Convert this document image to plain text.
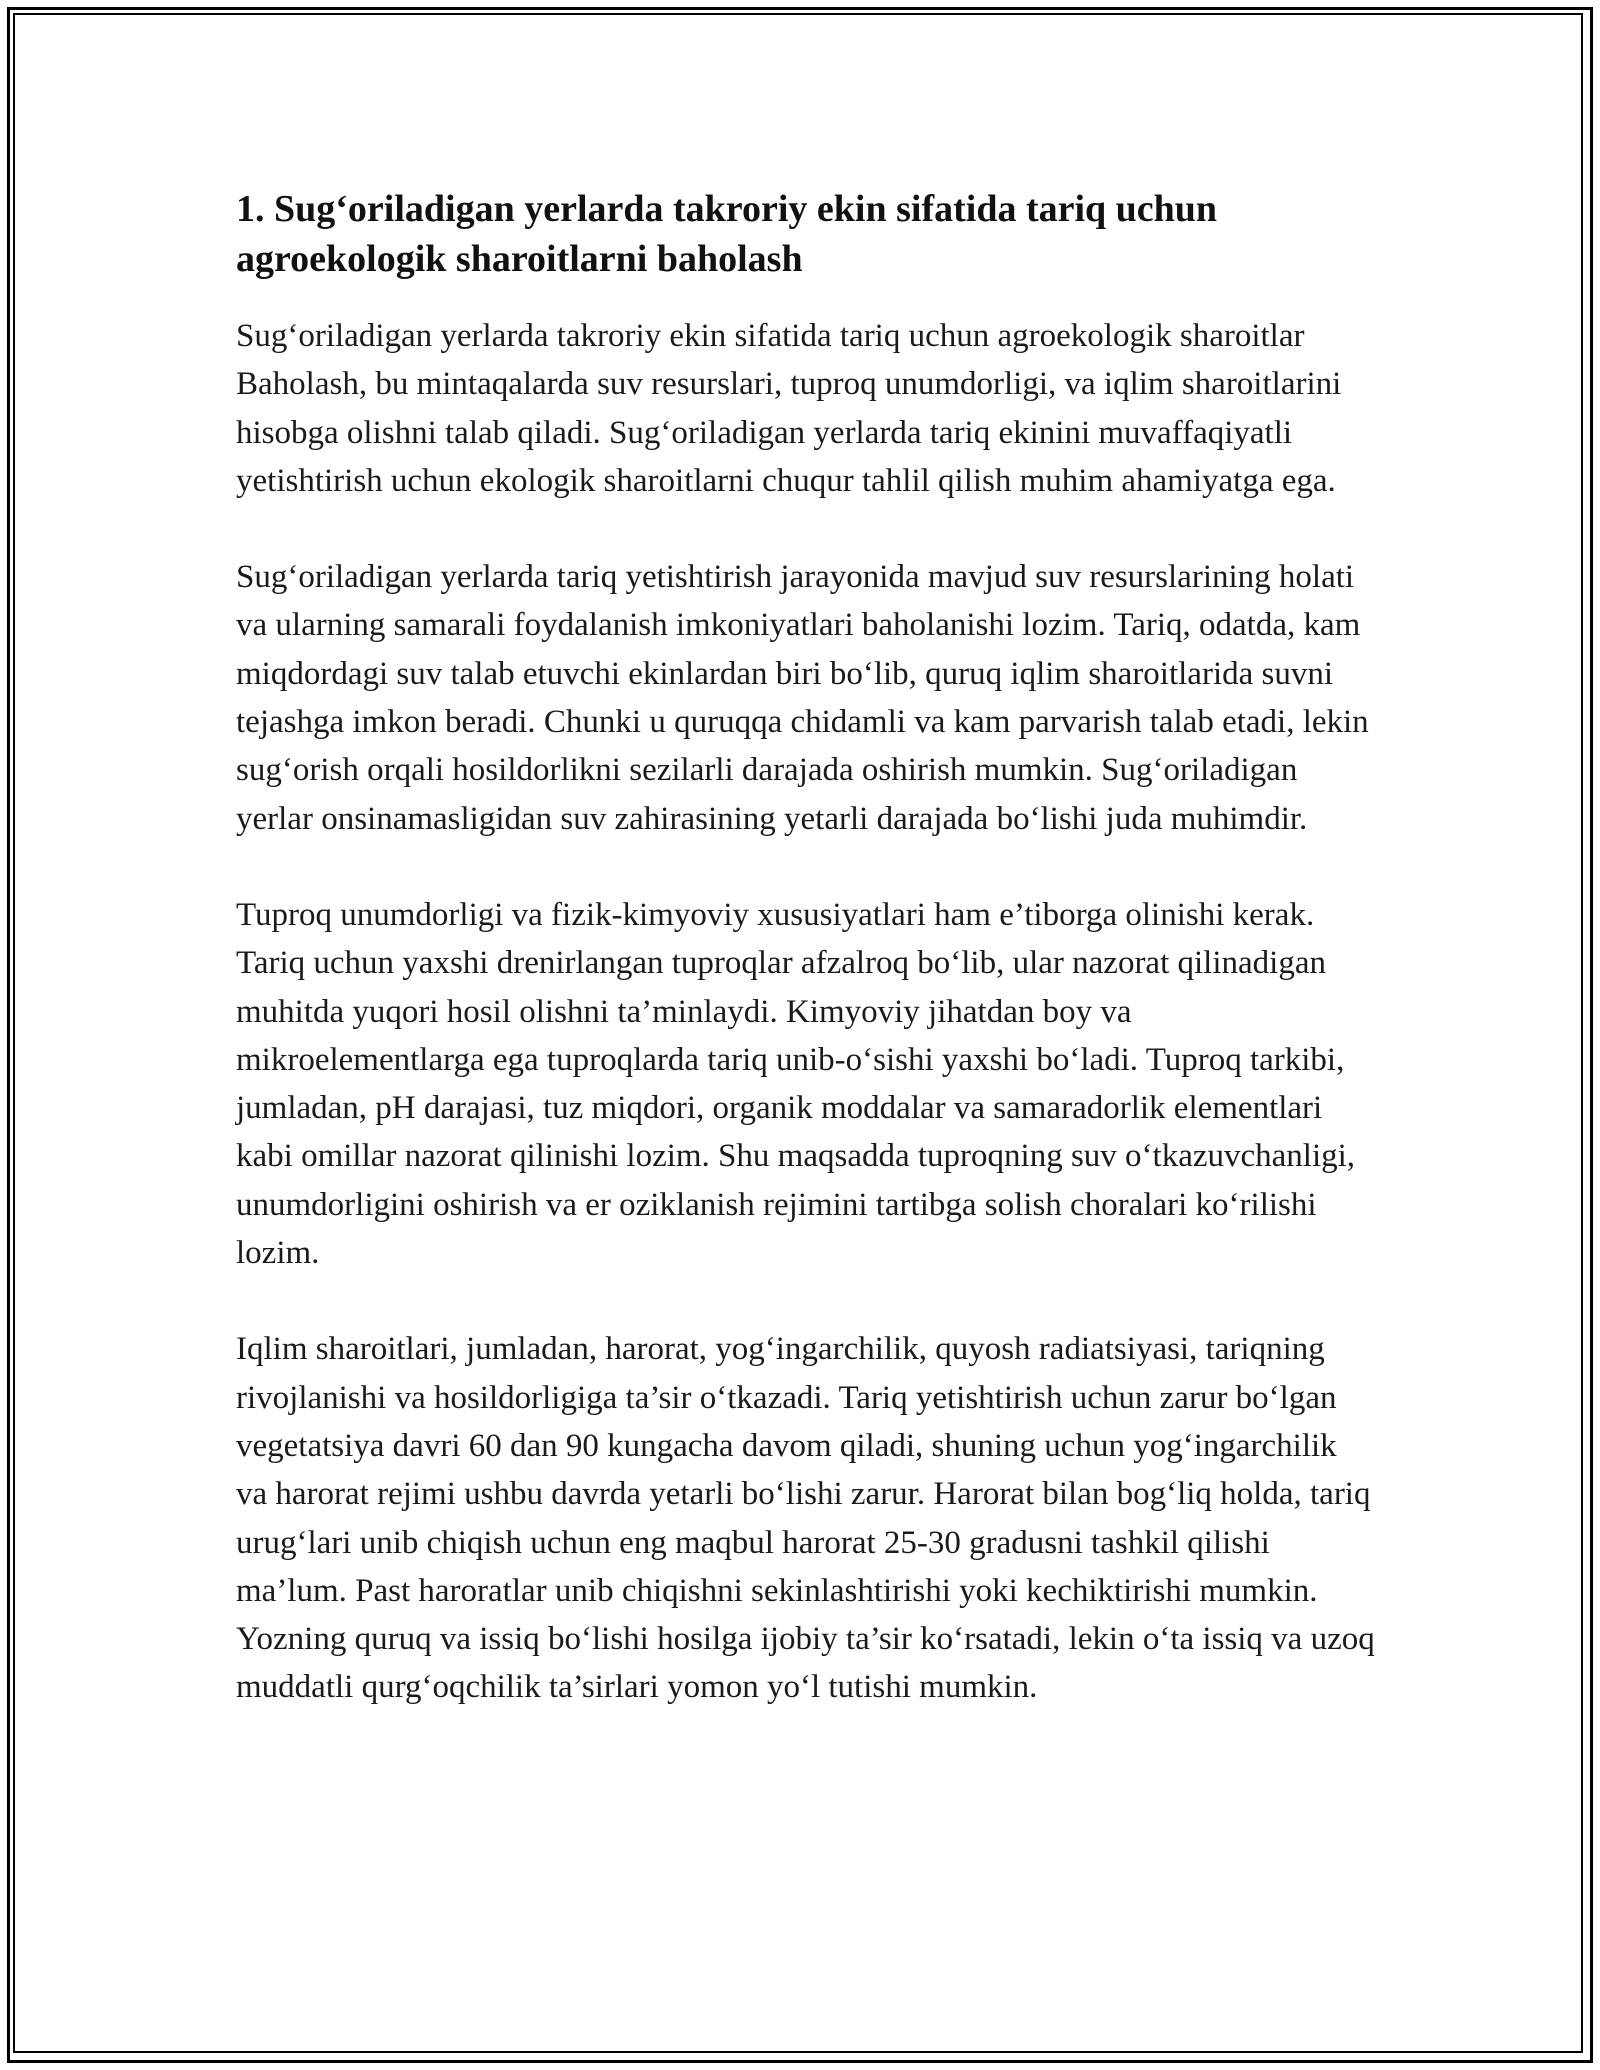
1. Sug‘oriladigan yerlarda takroriy ekin sifatida tariq uchun agroekologik sharoitlarni baholash

Sug‘oriladigan yerlarda takroriy ekin sifatida tariq uchun agroekologik sharoitlar Baholash, bu mintaqalarda suv resurslari, tuproq unumdorligi, va iqlim sharoitlarini hisobga olishni talab qiladi. Sug‘oriladigan yerlarda tariq ekinini muvaffaqiyatli yetishtirish uchun ekologik sharoitlarni chuqur tahlil qilish muhim ahamiyatga ega.

Sug‘oriladigan yerlarda tariq yetishtirish jarayonida mavjud suv resurslarining holati va ularning samarali foydalanish imkoniyatlari baholanishi lozim. Tariq, odatda, kam miqdordagi suv talab etuvchi ekinlardan biri bo‘lib, quruq iqlim sharoitlarida suvni tejashga imkon beradi. Chunki u quruqqa chidamli va kam parvarish talab etadi, lekin sug‘orish orqali hosildorlikni sezilarli darajada oshirish mumkin. Sug‘oriladigan yerlar onsinamasligidan suv zahirasining yetarli darajada bo‘lishi juda muhimdir.

Tuproq unumdorligi va fizik-kimyoviy xususiyatlari ham e’tiborga olinishi kerak. Tariq uchun yaxshi drenirlangan tuproqlar afzalroq bo‘lib, ular nazorat qilinadigan muhitda yuqori hosil olishni ta’minlaydi. Kimyoviy jihatdan boy va mikroelementlarga ega tuproqlarda tariq unib-o‘sishi yaxshi bo‘ladi. Tuproq tarkibi, jumladan, pH darajasi, tuz miqdori, organik moddalar va samaradorlik elementlari kabi omillar nazorat qilinishi lozim. Shu maqsadda tuproqning suv o‘tkazuvchanligi, unumdorligini oshirish va er oziklanish rejimini tartibga solish choralari ko‘rilishi lozim.

Iqlim sharoitlari, jumladan, harorat, yog‘ingarchilik, quyosh radiatsiyasi, tariqning rivojlanishi va hosildorligiga ta’sir o‘tkazadi. Tariq yetishtirish uchun zarur bo‘lgan vegetatsiya davri 60 dan 90 kungacha davom qiladi, shuning uchun yog‘ingarchilik va harorat rejimi ushbu davrda yetarli bo‘lishi zarur. Harorat bilan bog‘liq holda, tariq urug‘lari unib chiqish uchun eng maqbul harorat 25-30 gradusni tashkil qilishi ma’lum. Past haroratlar unib chiqishni sekinlashtirishi yoki kechiktirishi mumkin. Yozning quruq va issiq bo‘lishi hosilga ijobiy ta’sir ko‘rsatadi, lekin o‘ta issiq va uzoq muddatli qurg‘oqchilik ta’sirlari yomon yo‘l tutishi mumkin.
